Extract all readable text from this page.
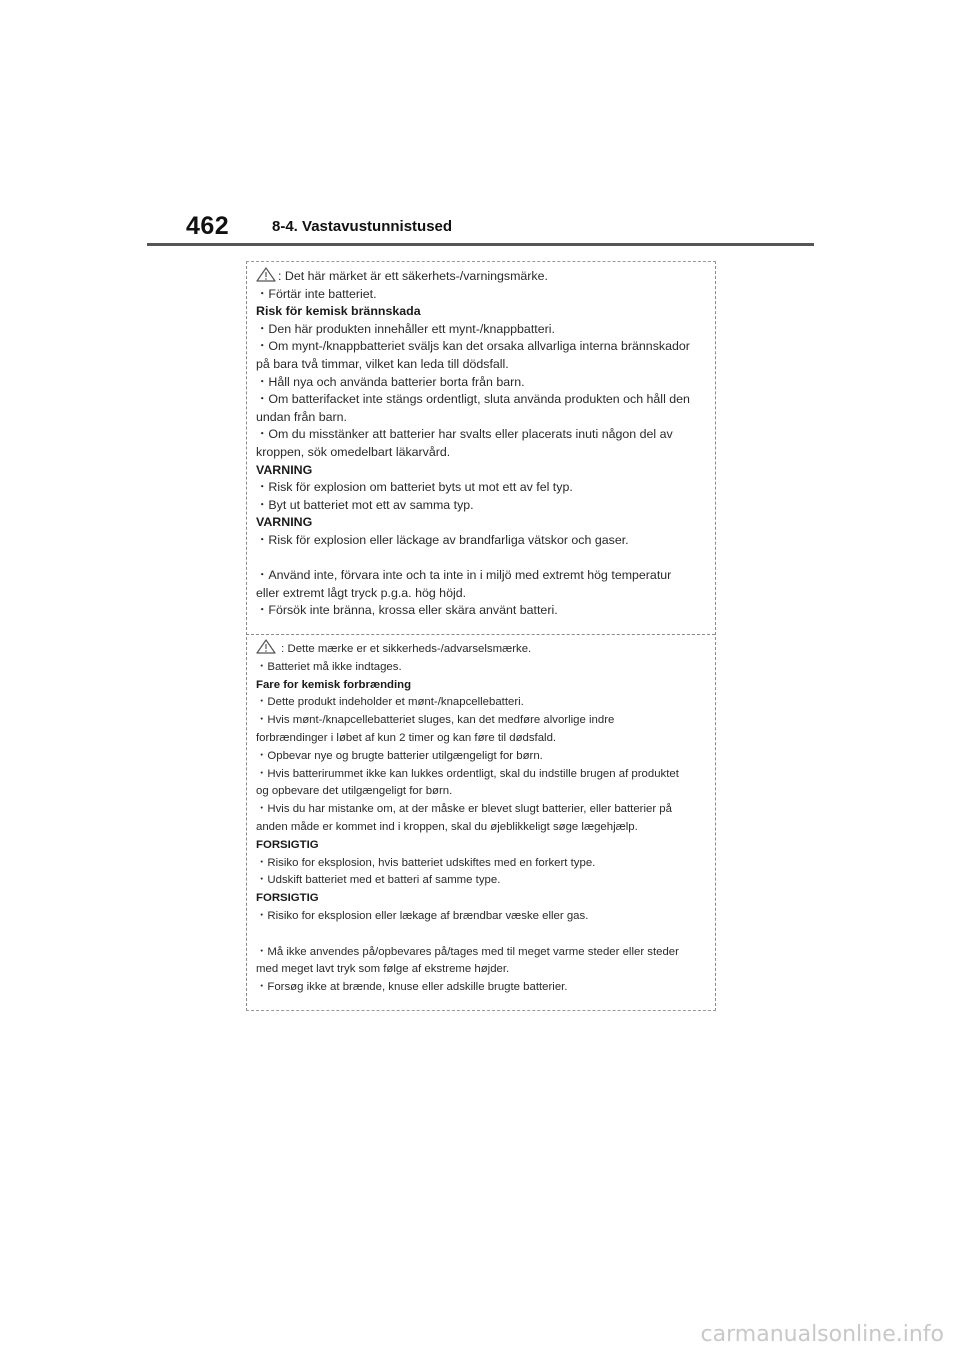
462	8-4. Vastavustunnistused
: Det här märket är ett säkerhets-/varningsmärke.
・Förtär inte batteriet.
Risk för kemisk brännskada
・Den här produkten innehåller ett mynt-/knappbatteri.
・Om mynt-/knappbatteriet sväljs kan det orsaka allvarliga interna brännskador
på bara två timmar, vilket kan leda till dödsfall.
・Håll nya och använda batterier borta från barn.
・Om batterifacket inte stängs ordentligt, sluta använda produkten och håll den
undan från barn.
・Om du misstänker att batterier har svalts eller placerats inuti någon del av
kroppen, sök omedelbart läkarvård.
VARNING
・Risk för explosion om batteriet byts ut mot ett av fel typ.
・Byt ut batteriet mot ett av samma typ.
VARNING
・Risk för explosion eller läckage av brandfarliga vätskor och gaser.
・Använd inte, förvara inte och ta inte in i miljö med extremt hög temperatur
eller extremt lågt tryck p.g.a. hög höjd.
・Försök inte bränna, krossa eller skära använt batteri.
: Dette mærke er et sikkerheds-/advarselsmærke.
・Batteriet må ikke indtages.
Fare for kemisk forbrænding
・Dette produkt indeholder et mønt-/knapcellebatteri.
・Hvis mønt-/knapcellebatteriet sluges, kan det medføre alvorlige indre
forbrændinger i løbet af kun 2 timer og kan føre til dødsfald.
・Opbevar nye og brugte batterier utilgængeligt for børn.
・Hvis batterirummet ikke kan lukkes ordentligt, skal du indstille brugen af produktet
og opbevare det utilgængeligt for børn.
・Hvis du har mistanke om, at der måske er blevet slugt batterier, eller batterier på
anden måde er kommet ind i kroppen, skal du øjeblikkeligt søge lægehjælp.
FORSIGTIG
・Risiko for eksplosion, hvis batteriet udskiftes med en forkert type.
・Udskift batteriet med et batteri af samme type.
FORSIGTIG
・Risiko for eksplosion eller lækage af brændbar væske eller gas.
・Må ikke anvendes på/opbevares på/tages med til meget varme steder eller steder
med meget lavt tryk som følge af ekstreme højder.
・Forsøg ikke at brænde, knuse eller adskille brugte batterier.
carmanualsonline.info
